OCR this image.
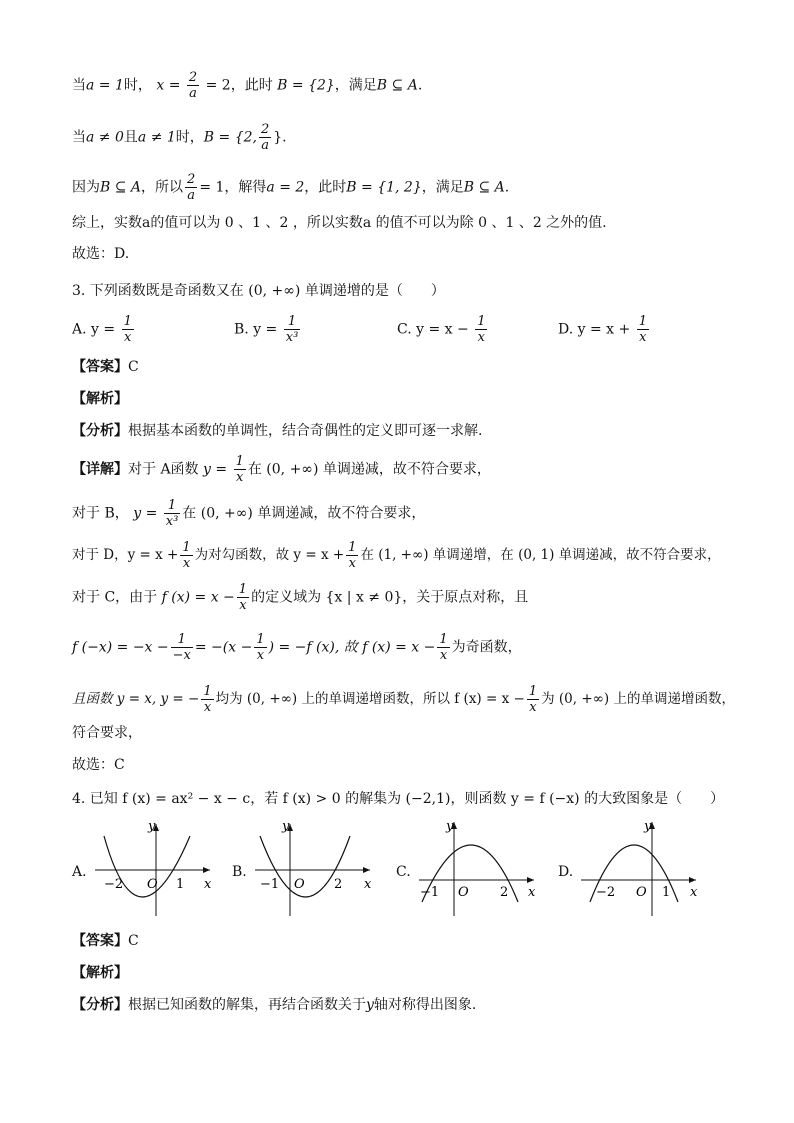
当a = 1时， $x = \frac{2}{a} = 2$，此时 B = {2}，满足B ⊆ A.
当a ≠ 0且a ≠ 1时，B = {2, $\frac{2}{a}$ }.
因为B ⊆ A，所以 $\frac{2}{a} = 1$，解得a = 2，此时B = {1, 2}，满足B ⊆ A.
综上，实数a的值可以为 0 、1 、2 ，所以实数a 的值不可以为除 0 、1 、2 之外的值.
故选：D.
3. 下列函数既是奇函数又在 (0, +∞) 单调递增的是（　　）
A. $y = \frac{1}{x}$	B. $y = \frac{1}{\text{x³}}$	C. $y = x - \frac{1}{x}$	D. $y = x + \frac{1}{x}$
【答案】C
【解析】
【分析】根据基本函数的单调性，结合奇偶性的定义即可逐一求解.
【详解】对于 A函数 $y = \frac{1}{x}$ 在 (0, +∞) 单调递减，故不符合要求，
对于 B， $y = \frac{1}{\text{x³}}$ 在 (0, +∞) 单调递减，故不符合要求，
对于 D，$y = x + \frac{1}{x}$ 为对勾函数，故 $y = x + \frac{1}{x}$ 在 (1, +∞) 单调递增，在 (0, 1) 单调递减，故不符合要求，
对于 C，由于 f $(x) = x - \frac{1}{x}$ 的定义域为 {x | x ≠ 0}，关于原点对称，且
f $(-x) = -x - \frac{1}{-x} = -(x - \frac{1}{x}$ ) = −f (x), 故 f $(x) = x - \frac{1}{x}$ 为奇函数，
且函数 y = x, y = − $\frac{1}{x}$ 均为 (0, +∞) 上的单调递增函数，所以 f $(x) = x - \frac{1}{x}$ 为 (0, +∞) 上的单调递增函数，
符合要求，
故选：C
4. 已知 f (x) = ax² − x − c，若 f (x) > 0 的解集为 (−2,1)，则函数 y = f (−x) 的大致图象是（　　）
A.
y
x
O
−2	1
B.
y
x
O
−1	2
C.
y
x
O
−1	2
D.
y
x
O
−2	1
【答案】C
【解析】
【分析】根据已知函数的解集，再结合函数关于y轴对称得出图象.
